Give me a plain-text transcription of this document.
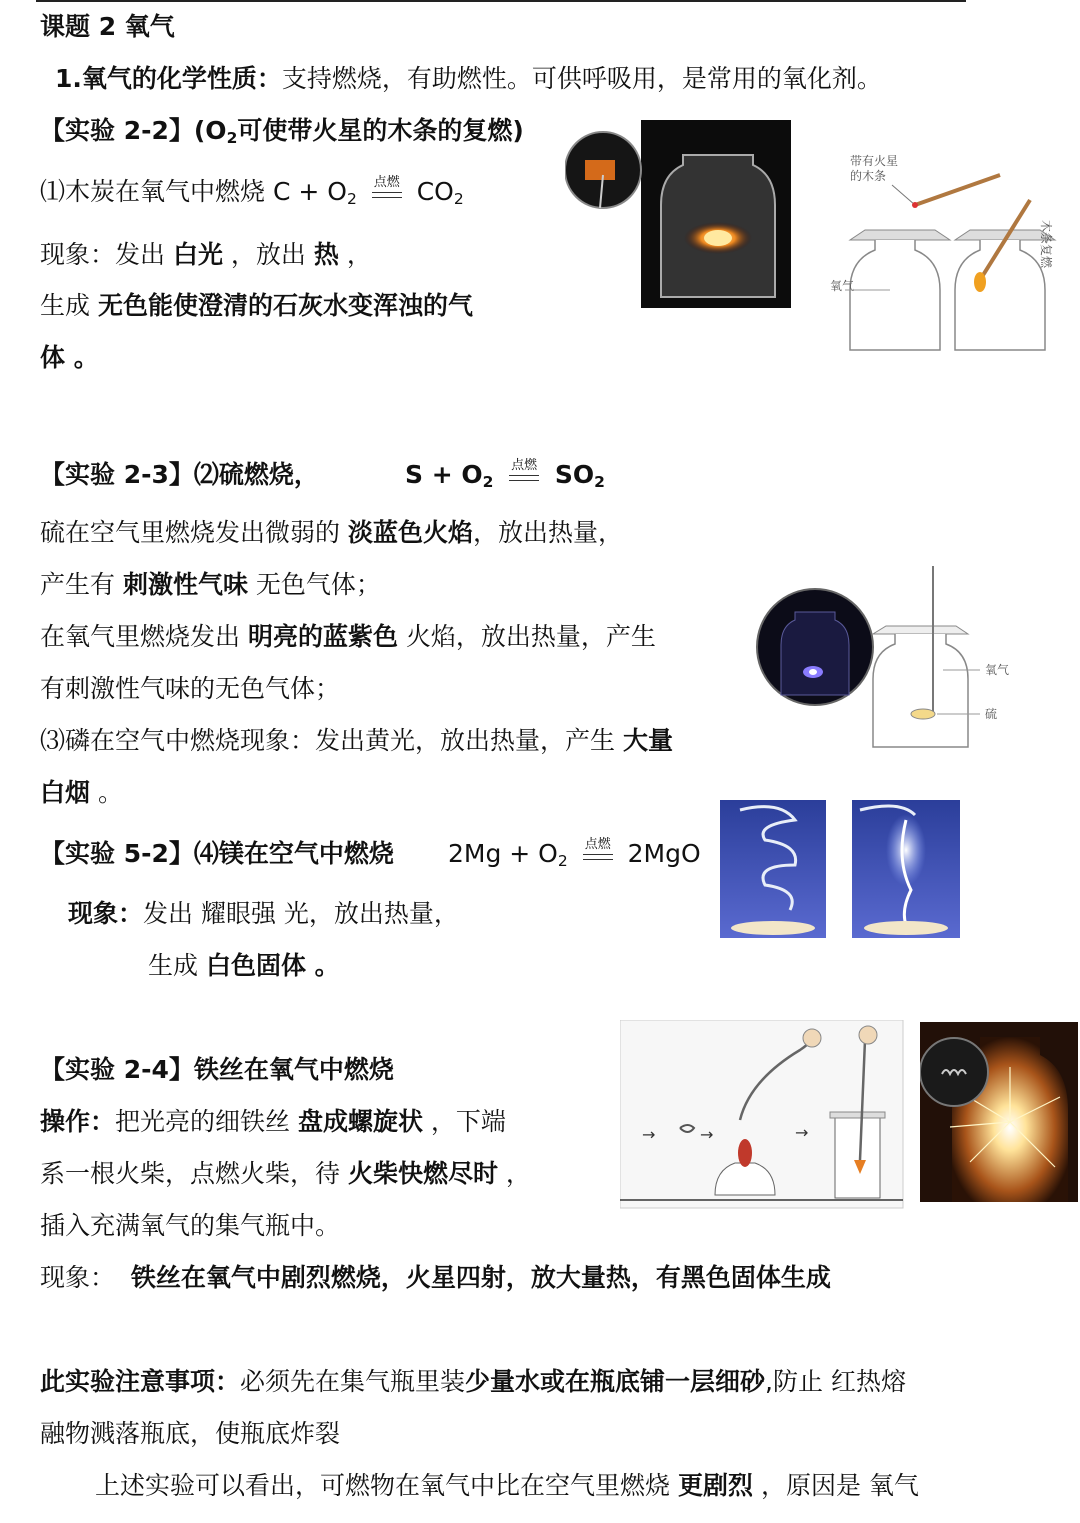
课题 2 氧气
1.氧气的化学性质：支持燃烧，有助燃性。可供呼吸用，是常用的氧化剂。
【实验 2-2】($O_2$可使带火星的木条的复燃)
⑴木炭在氧气中燃烧 $C + O_2$
点燃 $CO_2$
现象：发出 白光 ，放出 热 ，
生成 无色能使澄清的石灰水变浑浊的气
体 。
带有火星
的木条
氧气
木条复燃
【实验 2-3】⑵硫燃烧，	$S + O_2$
点燃 $SO_2$
硫在空气里燃烧发出微弱的 淡蓝色火焰，放出热量，
产生有 刺激性气味 无色气体；
在氧气里燃烧发出 明亮的蓝紫色 火焰，放出热量，产生
有刺激性气味的无色气体；
⑶磷在空气中燃烧现象：发出黄光，放出热量，产生 大量
白烟 。
氧气
硫
【实验 5-2】⑷镁在空气中燃烧 $2Mg + O_2$
点燃 2MgO
现象：发出 耀眼强 光，放出热量，
生成 白色固体 。
【实验 2-4】铁丝在氧气中燃烧
操作：把光亮的细铁丝 盘成螺旋状 ，下端
系一根火柴，点燃火柴，待 火柴快燃尽时 ，
插入充满氧气的集气瓶中。
现象： 铁丝在氧气中剧烈燃烧，火星四射，放大量热，有黑色固体生成
→	→	→
此实验注意事项：必须先在集气瓶里装少量水或在瓶底铺一层细砂,防止 红热熔
融物溅落瓶底，使瓶底炸裂
上述实验可以看出，可燃物在氧气中比在空气里燃烧 更剧烈 ，原因是 氧气
